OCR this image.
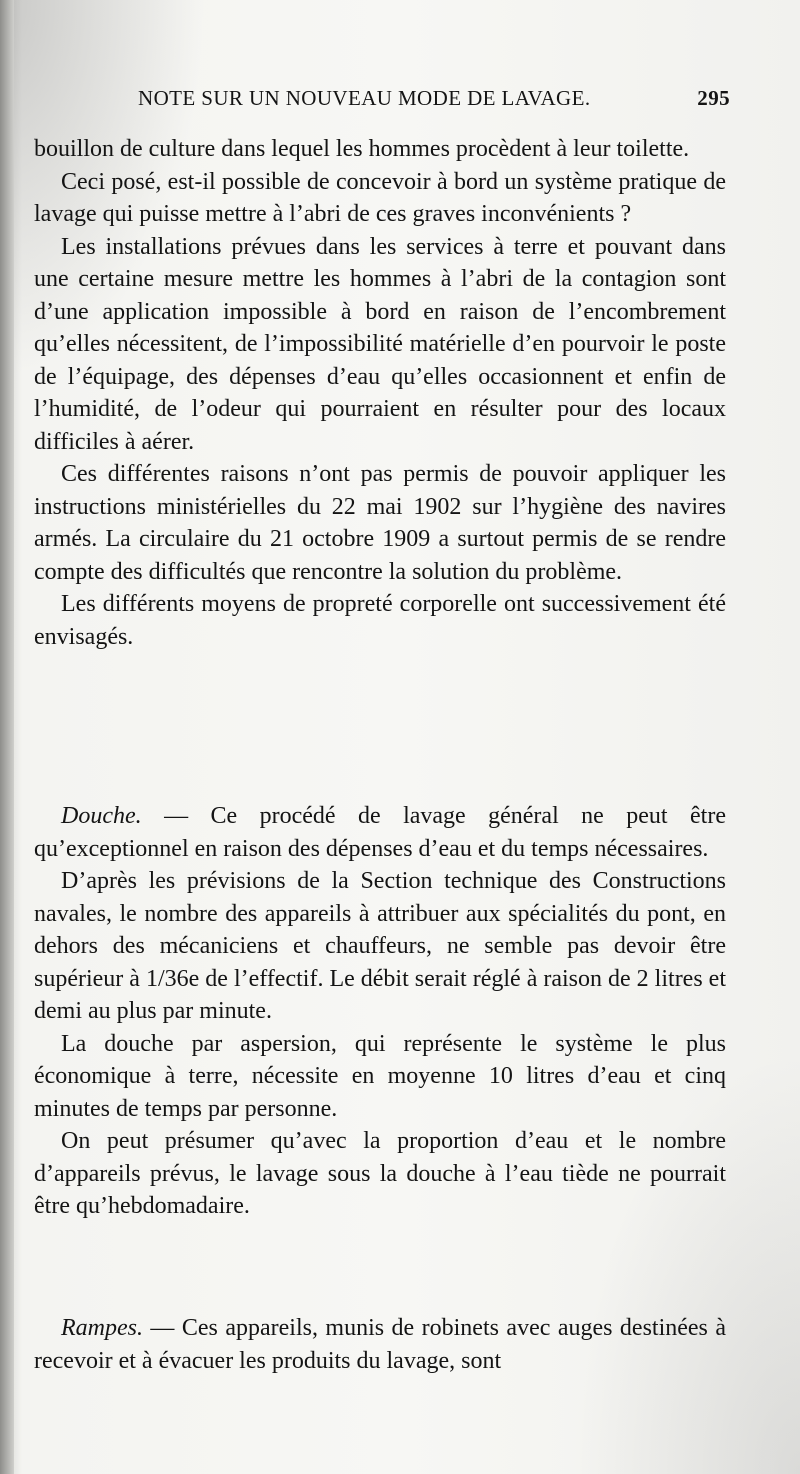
NOTE SUR UN NOUVEAU MODE DE LAVAGE.	295

bouillon de culture dans lequel les hommes procèdent à leur toilette.

Ceci posé, est-il possible de concevoir à bord un système pratique de lavage qui puisse mettre à l’abri de ces graves inconvénients ?

Les installations prévues dans les services à terre et pouvant dans une certaine mesure mettre les hommes à l’abri de la contagion sont d’une application impossible à bord en raison de l’encombrement qu’elles nécessitent, de l’impossibilité matérielle d’en pourvoir le poste de l’équipage, des dépenses d’eau qu’elles occasionnent et enfin de l’humidité, de l’odeur qui pourraient en résulter pour des locaux difficiles à aérer.

Ces différentes raisons n’ont pas permis de pouvoir appliquer les instructions ministérielles du 22 mai 1902 sur l’hygiène des navires armés. La circulaire du 21 octobre 1909 a surtout permis de se rendre compte des difficultés que rencontre la solution du problème.

Les différents moyens de propreté corporelle ont successivement été envisagés.

Douche. — Ce procédé de lavage général ne peut être qu’exceptionnel en raison des dépenses d’eau et du temps nécessaires.

D’après les prévisions de la Section technique des Constructions navales, le nombre des appareils à attribuer aux spécialités du pont, en dehors des mécaniciens et chauffeurs, ne semble pas devoir être supérieur à 1/36e de l’effectif. Le débit serait réglé à raison de 2 litres et demi au plus par minute.

La douche par aspersion, qui représente le système le plus économique à terre, nécessite en moyenne 10 litres d’eau et cinq minutes de temps par personne.

On peut présumer qu’avec la proportion d’eau et le nombre d’appareils prévus, le lavage sous la douche à l’eau tiède ne pourrait être qu’hebdomadaire.

Rampes. — Ces appareils, munis de robinets avec auges destinées à recevoir et à évacuer les produits du lavage, sont
